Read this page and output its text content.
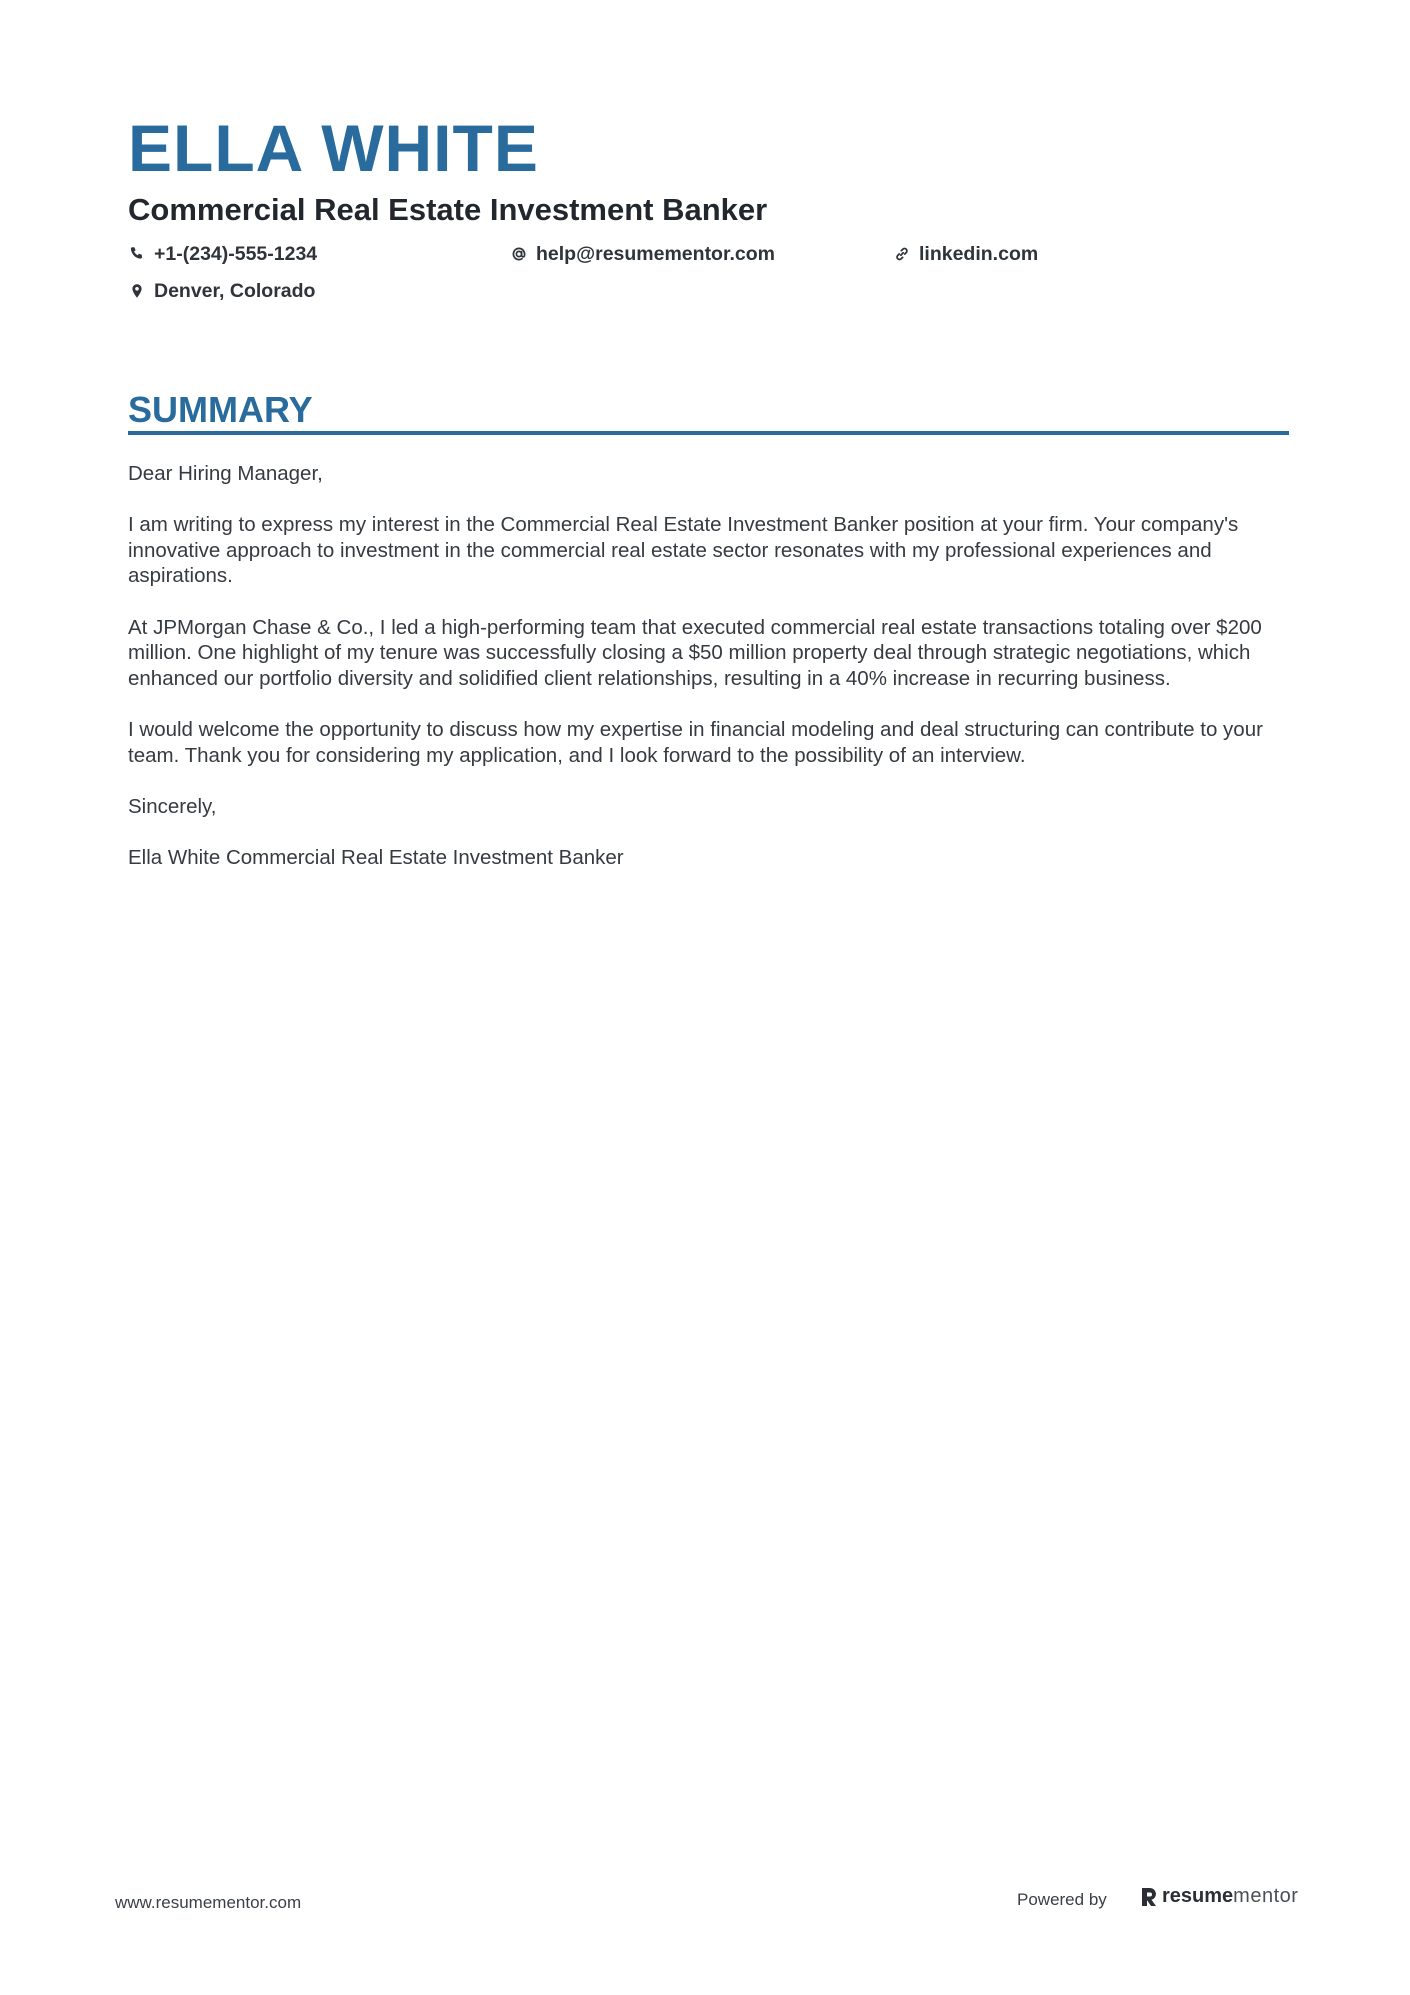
ELLA WHITE
Commercial Real Estate Investment Banker
+1-(234)-555-1234	help@resumementor.com	linkedin.com
Denver, Colorado
SUMMARY

Dear Hiring Manager,

I am writing to express my interest in the Commercial Real Estate Investment Banker position at your firm. Your company's innovative approach to investment in the commercial real estate sector resonates with my professional experiences and aspirations.

At JPMorgan Chase & Co., I led a high-performing team that executed commercial real estate transactions totaling over $200 million. One highlight of my tenure was successfully closing a $50 million property deal through strategic negotiations, which enhanced our portfolio diversity and solidified client relationships, resulting in a 40% increase in recurring business.

I would welcome the opportunity to discuss how my expertise in financial modeling and deal structuring can contribute to your team. Thank you for considering my application, and I look forward to the possibility of an interview.

Sincerely,

Ella White Commercial Real Estate Investment Banker

www.resumementor.com	Powered by	resume mentor
